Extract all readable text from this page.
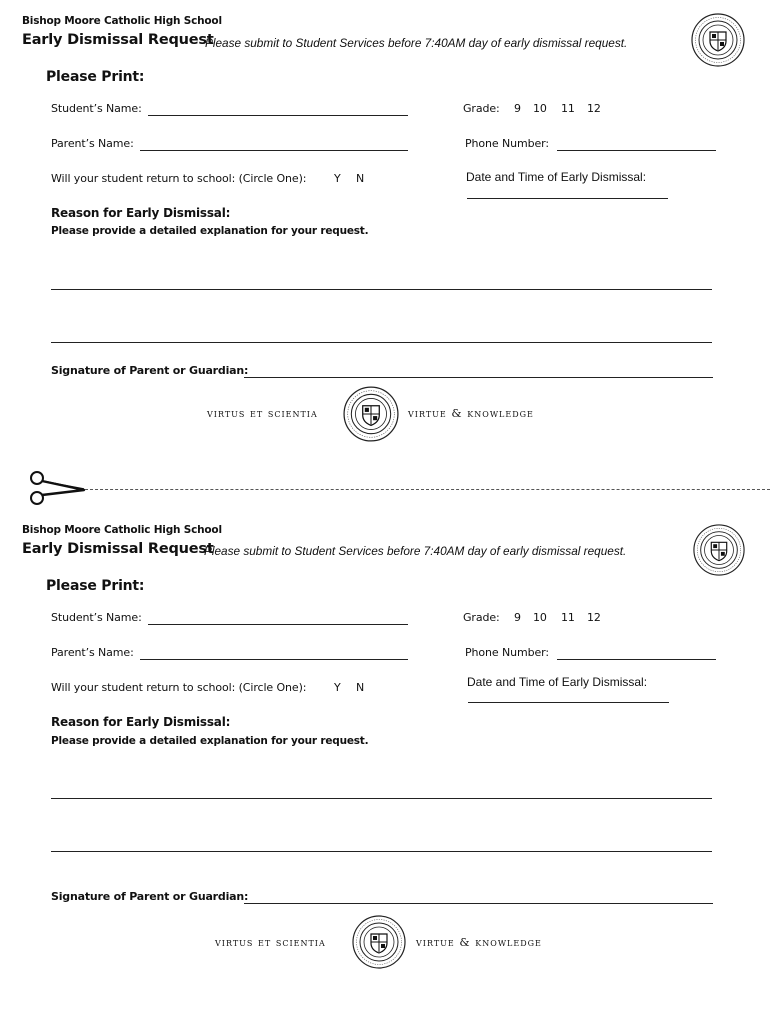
Bishop Moore Catholic High School
Early Dismissal Request
Please submit to Student Services before 7:40AM day of early dismissal request.
Please Print:
Student’s Name:	Grade: 9 10 11 12
Parent’s Name:	Phone Number:
Will your student return to school: (Circle One):	Y N	Date and Time of Early Dismissal:
Reason for Early Dismissal:
Please provide a detailed explanation for your request.
Signature of Parent or Guardian:
virtus et scientia	virtue & knowledge
Bishop Moore Catholic High School
Early Dismissal Request
Please submit to Student Services before 7:40AM day of early dismissal request.
Please Print:
Student’s Name:	Grade: 9 10 11 12
Parent’s Name:	Phone Number:
Will your student return to school: (Circle One):	Y N	Date and Time of Early Dismissal:
Reason for Early Dismissal:
Please provide a detailed explanation for your request.
Signature of Parent or Guardian:
virtus et scientia	virtue & knowledge
